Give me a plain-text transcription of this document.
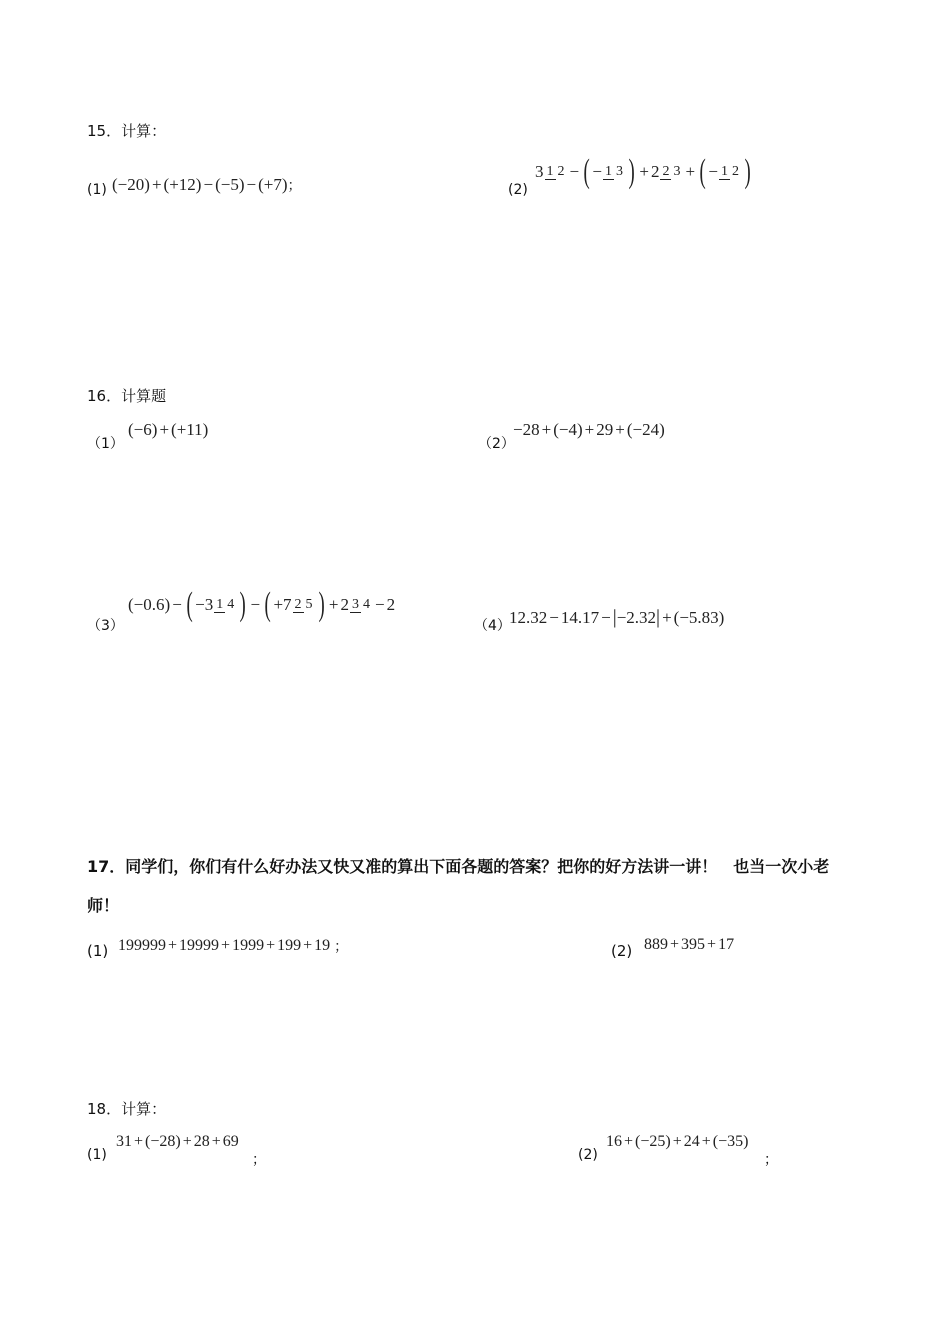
15．计算：
(1) ( −20 ) + ( +12 ) − ( −5 ) − ( +7 ) ；	(2)
3 1 2 − ( − 1 3 ) + 2 2 3 + ( − 1 2 )
16．计算题
（1）
( −6 ) + ( +11 )
（2）
−28 + ( −4 ) + 29 + ( −24 )
（3）
( −0.6 ) − ( −3 1 4 ) − ( +7 2 5 ) + 2 3 4 − 2
（4）
12.32 − 14.17 − | −2.32 | + ( −5.83 )
17．同学们，你们有什么好办法又快又准的算出下面各题的答案？把你的好方法讲一讲！　也当一次小老
师！
(1) 199999 + 19999 + 1999 + 199 + 19 ；	(2) 889 + 395 + 17
18．计算：
(1)
31 + ( −28 ) + 28 + 69
；	(2)
16 + ( −25 ) + 24 + ( −35 )
；
